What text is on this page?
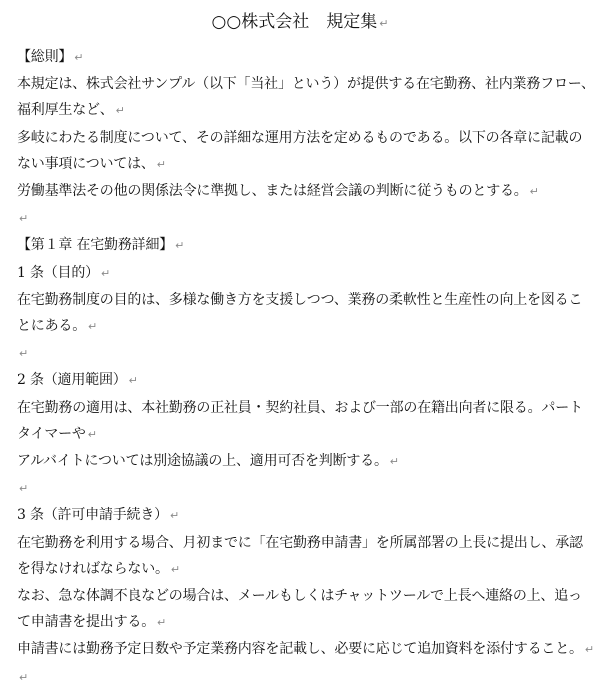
○○株式会社　規定集 ↵
【総則】 ↵
本規定は、株式会社サンプル（以下「当社」という）が提供する在宅勤務、社内業務フロー、
福利厚生など、 ↵
多岐にわたる制度について、その詳細な運用方法を定めるものである。以下の各章に記載の
ない事項については、 ↵
労働基準法その他の関係法令に準拠し、または経営会議の判断に従うものとする。 ↵
↵
【第１章 在宅勤務詳細】 ↵
1 条（目的） ↵
在宅勤務制度の目的は、多様な働き方を支援しつつ、業務の柔軟性と生産性の向上を図るこ
とにある。 ↵
↵
2 条（適用範囲） ↵
在宅勤務の適用は、本社勤務の正社員・契約社員、および一部の在籍出向者に限る。パート
タイマーや ↵
アルバイトについては別途協議の上、適用可否を判断する。 ↵
↵
3 条（許可申請手続き） ↵
在宅勤務を利用する場合、月初までに「在宅勤務申請書」を所属部署の上長に提出し、承認
を得なければならない。 ↵
なお、急な体調不良などの場合は、メールもしくはチャットツールで上長へ連絡の上、追っ
て申請書を提出する。 ↵
申請書には勤務予定日数や予定業務内容を記載し、必要に応じて追加資料を添付すること。 ↵
↵
